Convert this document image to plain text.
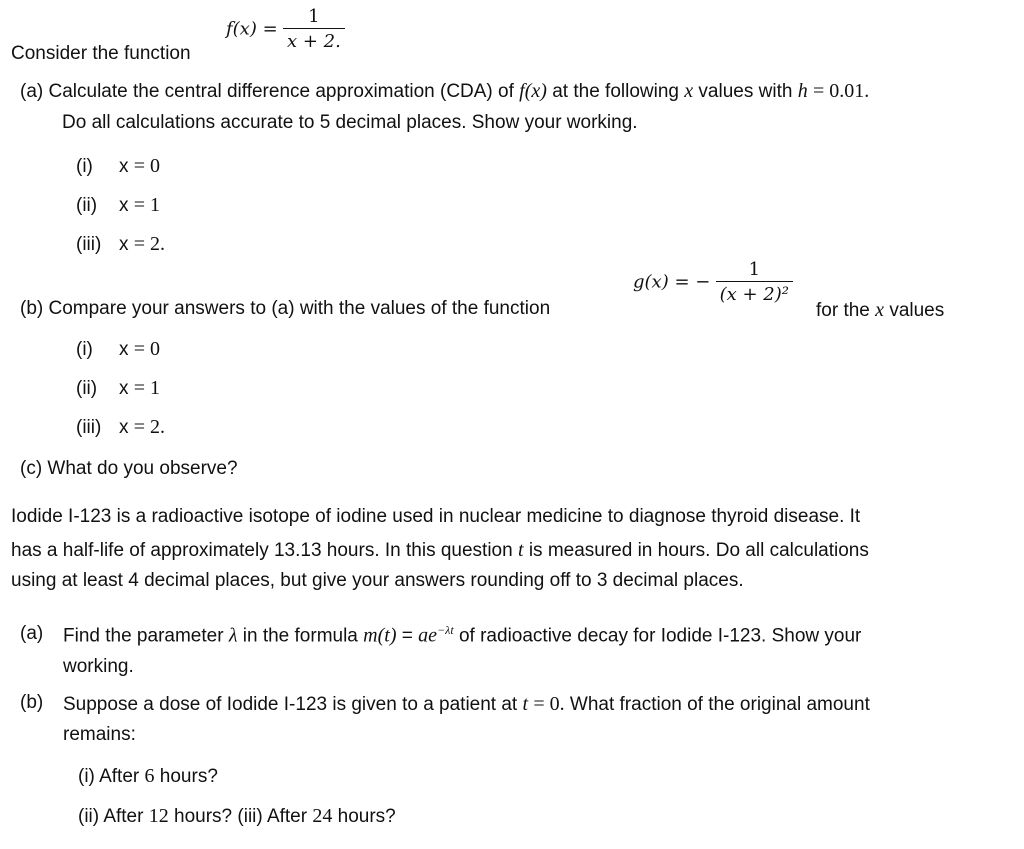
Consider the function
$f(x) = \frac{1}{x + 2.}$
(a) Calculate the central difference approximation (CDA) of f(x) at the following x values with h = 0.01.
Do all calculations accurate to 5 decimal places. Show your working.
(i) x = 0
(ii) x = 1
(iii) x = 2.
(b) Compare your answers to (a) with the values of the function
g(x) = − $\frac{1}{\text{(x + 2)²}}$
for the x values
(i) x = 0
(ii) x = 1
(iii) x = 2.
(c) What do you observe?
Iodide I-123 is a radioactive isotope of iodine used in nuclear medicine to diagnose thyroid disease. It
has a half-life of approximately 13.13 hours. In this question t is measured in hours. Do all calculations
using at least 4 decimal places, but give your answers rounding off to 3 decimal places.
(a) Find the parameter λ in the formula $m(t) = ae^{-\lambda t}$ of radioactive decay for Iodide I-123. Show your
working.
(b) Suppose a dose of Iodide I-123 is given to a patient at t = 0. What fraction of the original amount
remains:
(i) After 6 hours?
(ii) After 12 hours? (iii) After 24 hours?
